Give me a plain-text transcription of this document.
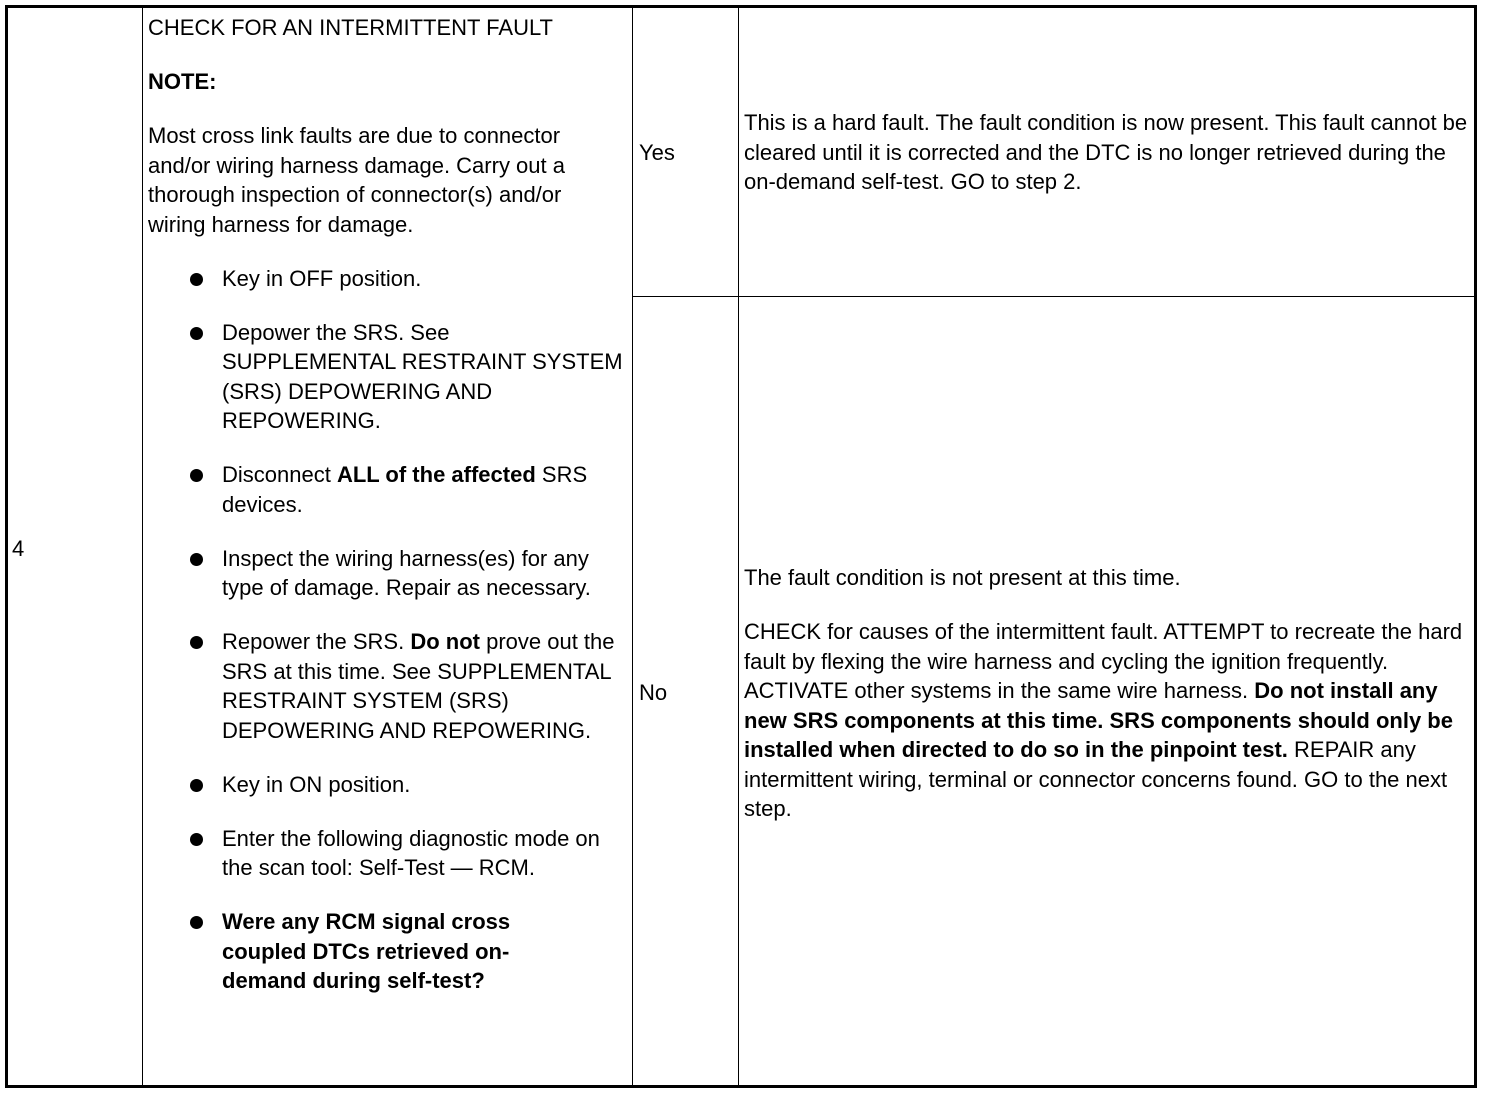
4

CHECK FOR AN INTERMITTENT FAULT

NOTE:

Most cross link faults are due to connector and/or wiring harness damage. Carry out a thorough inspection of connector(s) and/or wiring harness for damage.

Key in OFF position.
Depower the SRS. See SUPPLEMENTAL RESTRAINT SYSTEM (SRS) DEPOWERING AND REPOWERING.
Disconnect ALL of the affected SRS devices.
Inspect the wiring harness(es) for any type of damage. Repair as necessary.
Repower the SRS. Do not prove out the SRS at this time. See SUPPLEMENTAL RESTRAINT SYSTEM (SRS) DEPOWERING AND REPOWERING.
Key in ON position.
Enter the following diagnostic mode on the scan tool: Self-Test — RCM.
Were any RCM signal cross coupled DTCs retrieved on-demand during self-test?
Yes
This is a hard fault. The fault condition is now present. This fault cannot be cleared until it is corrected and the DTC is no longer retrieved during the on-demand self-test. GO to step 2.
No

The fault condition is not present at this time.

CHECK for causes of the intermittent fault. ATTEMPT to recreate the hard fault by flexing the wire harness and cycling the ignition frequently. ACTIVATE other systems in the same wire harness. Do not install any new SRS components at this time. SRS components should only be installed when directed to do so in the pinpoint test. REPAIR any intermittent wiring, terminal or connector concerns found. GO to the next step.
